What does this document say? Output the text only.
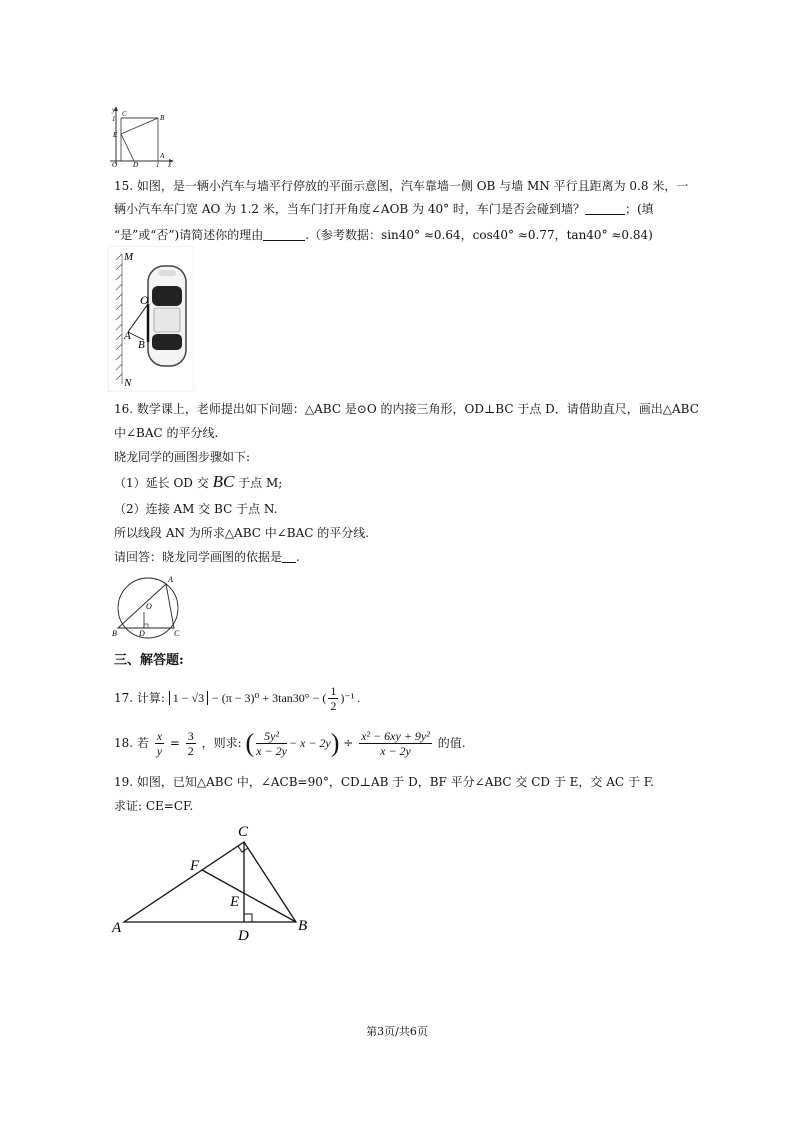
y
x
1
C	B
E
O D	1
A
15. 如图，是一辆小汽车与墙平行停放的平面示意图，汽车靠墙一侧 OB 与墙 MN 平行且距离为 0.8 米，一
辆小汽车车门宽 AO 为 1.2 米，当车门打开角度∠AOB 为 40° 时，车门是否会碰到墙？	；(填
“是”或“否”)请简述你的理由	.（参考数据：sin40° ≈0.64，cos40° ≈0.77，tan40° ≈0.84)
M
N
O
A
B
16. 数学课上，老师提出如下问题：△ABC 是⊙O 的内接三角形，OD⊥BC 于点 D．请借助直尺，画出△ABC
中∠BAC 的平分线.
晓龙同学的画图步骤如下:
（1）延长 OD 交 BC 于点 M;
（2）连接 AM 交 BC 于点 N.
所以线段 AN 为所求△ABC 中∠BAC 的平分线.
请回答：晓龙同学画图的依据是 .
A
O
B	D	C
三、解答题:
17. 计算: 1 − √3 − (π − 3)⁰ + 3tan30° − ( $\frac{1}{2} )^{-1}$ .
18. 若 $\frac{x}{y} = \frac{3}{2}$ ，则求: ( $\frac{\text{5y²}}{x - 2y} - x - 2y) \div \frac{\text{x² − 6xy + 9y²}}{x - 2y}$ 的值.
19. 如图，已知△ABC 中，∠ACB=90°，CD⊥AB 于 D，BF 平分∠ABC 交 CD 于 E，交 AC 于 F.
求证: CE=CF.
C
F
E
A	D
B
第3页/共6页
